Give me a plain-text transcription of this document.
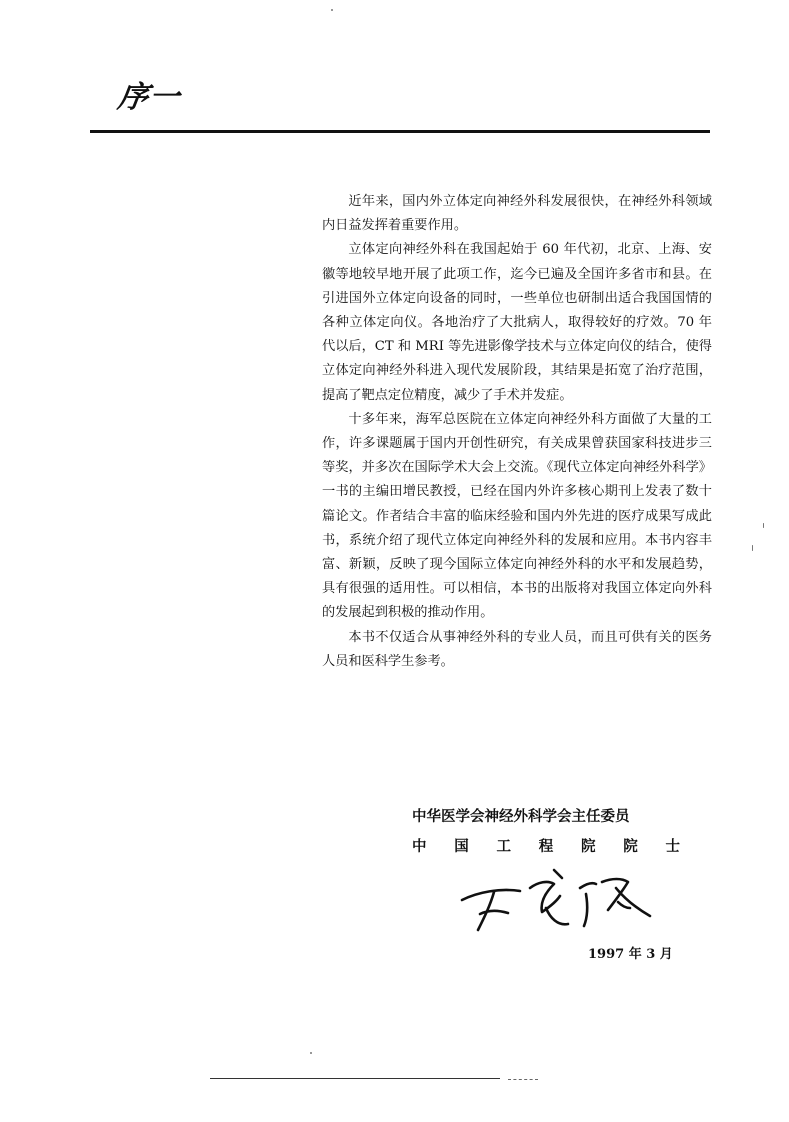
序一

近年来，国内外立体定向神经外科发展很快，在神经外科领域内日益发挥着重要作用。

立体定向神经外科在我国起始于 60 年代初，北京、上海、安徽等地较早地开展了此项工作，迄今已遍及全国许多省市和县。在引进国外立体定向设备的同时，一些单位也研制出适合我国国情的各种立体定向仪。各地治疗了大批病人，取得较好的疗效。70 年代以后，CT 和 MRI 等先进影像学技术与立体定向仪的结合，使得立体定向神经外科进入现代发展阶段，其结果是拓宽了治疗范围，提高了靶点定位精度，减少了手术并发症。

十多年来，海军总医院在立体定向神经外科方面做了大量的工作，许多课题属于国内开创性研究，有关成果曾获国家科技进步三等奖，并多次在国际学术大会上交流。《现代立体定向神经外科学》一书的主编田增民教授，已经在国内外许多核心期刊上发表了数十篇论文。作者结合丰富的临床经验和国内外先进的医疗成果写成此书，系统介绍了现代立体定向神经外科的发展和应用。本书内容丰富、新颖，反映了现今国际立体定向神经外科的水平和发展趋势，具有很强的适用性。可以相信，本书的出版将对我国立体定向外科的发展起到积极的推动作用。

本书不仅适合从事神经外科的专业人员，而且可供有关的医务人员和医科学生参考。

中华医学会神经外科学会主任委员
中 国 工 程 院 院 士
1997 年 3 月
